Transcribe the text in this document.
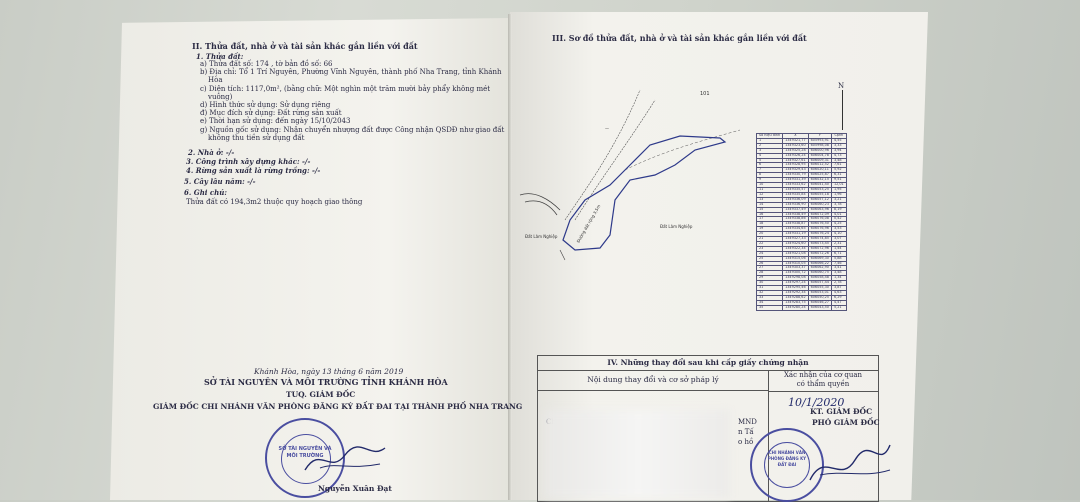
II. Thửa đất, nhà ở và tài sản khác gắn liền với đất
1. Thửa đất:
a) Thửa đất số: 174 , tờ bản đồ số: 66
b) Địa chỉ: Tổ 1 Trí Nguyên, Phường Vĩnh Nguyên, thành phố Nha Trang, tỉnh Khánh
Hòa
c) Diện tích: 1117,0m², (bằng chữ: Một nghìn một trăm mười bảy phẩy không mét
vuông)
d) Hình thức sử dụng: Sử dụng riêng
đ) Mục đích sử dụng: Đất rừng sản xuất
e) Thời hạn sử dụng: đến ngày 15/10/2043
g) Nguồn gốc sử dụng: Nhận chuyển nhượng đất được Công nhận QSDĐ như giao đất
không thu tiền sử dụng đất
2. Nhà ở: -/-
3. Công trình xây dựng khác: -/-
4. Rừng sản xuất là rừng trồng: -/-
5. Cây lâu năm: -/-
6. Ghi chú:
Thửa đất có 194,3m2 thuộc quy hoạch giao thông
Khánh Hòa, ngày 13 tháng 6 năm 2019
SỞ TÀI NGUYÊN VÀ MÔI TRƯỜNG TỈNH KHÁNH HÒA
TUQ. GIÁM ĐỐC
GIÁM ĐỐC CHI NHÁNH VĂN PHÒNG ĐĂNG KÝ ĐẤT ĐAI TẠI THÀNH PHỐ NHA TRANG
SỞ TÀI NGUYÊN VÀ MÔI TRƯỜNG
Nguyễn Xuân Đạt
III. Sơ đồ thửa đất, nhà ở và tài sản khác gắn liền với đất
Đường đất rộng 3,5m
Đất Lâm Nghiệp
Đất Lâm Nghiệp
101
—
N
Số hiệu đỉnh	X	Y	Cạnh
1	1349321,77	605993,91	4,55
2	1349323,60	605998,08	3,33
3	1349325,28	606000,96	3,94
4	1349326,24	606004,78	4,73
5	1349327,61	606009,31	3,48
6	1349328,95	606012,52	7,61
7	1349329,43	606020,11	5,92
8	1349330,79	606025,87	6,31
9	1349331,39	606032,15	9,51
10	1349333,62	606041,40	12,01
11	1349335,57	606053,25	1,95
12	1349335,84	606055,18	1,96
13	1349336,09	606057,12	3,21
14	1349336,90	606060,23	3,78
15	1349337,49	606063,96	8,19
16	1349338,49	606072,09	4,01
17	1349338,86	606076,08	0,42
18	1349338,87	606076,50	4,25
19	1349334,65	606076,96	3,53
20	1349331,19	606076,24	4,10
21	1349327,33	606074,85	3,07
22	1349324,60	606073,45	2,31
23	1349322,34	606072,96	1,44
24	1349321,08	606072,26	6,71
25	1349315,06	606069,30	5,88
26	1349310,05	606066,22	7,46
27	1349303,37	606062,90	3,41
28	1349300,72	606060,75	3,48
29	1349298,08	606058,48	1,34
30	1349297,24	606057,44	2,78
31	1349295,46	606055,30	3,87
32	1349292,34	606053,01	4,63
33	1349288,62	606050,25	6,29
34	1349283,75	606046,27	4,47
35	1349280,24	606043,50	5,21
IV. Những thay đổi sau khi cấp giấy chứng nhận
Nội dung thay đổi và cơ sở pháp lý	Xác nhận của cơ quan
có thẩm quyền
MND
n Tấ
o hồ
10/1/2020
KT. GIÁM ĐỐC
PHÓ GIÁM ĐỐC
CHI NHÁNH VĂN PHÒNG ĐĂNG KÝ ĐẤT ĐAI
